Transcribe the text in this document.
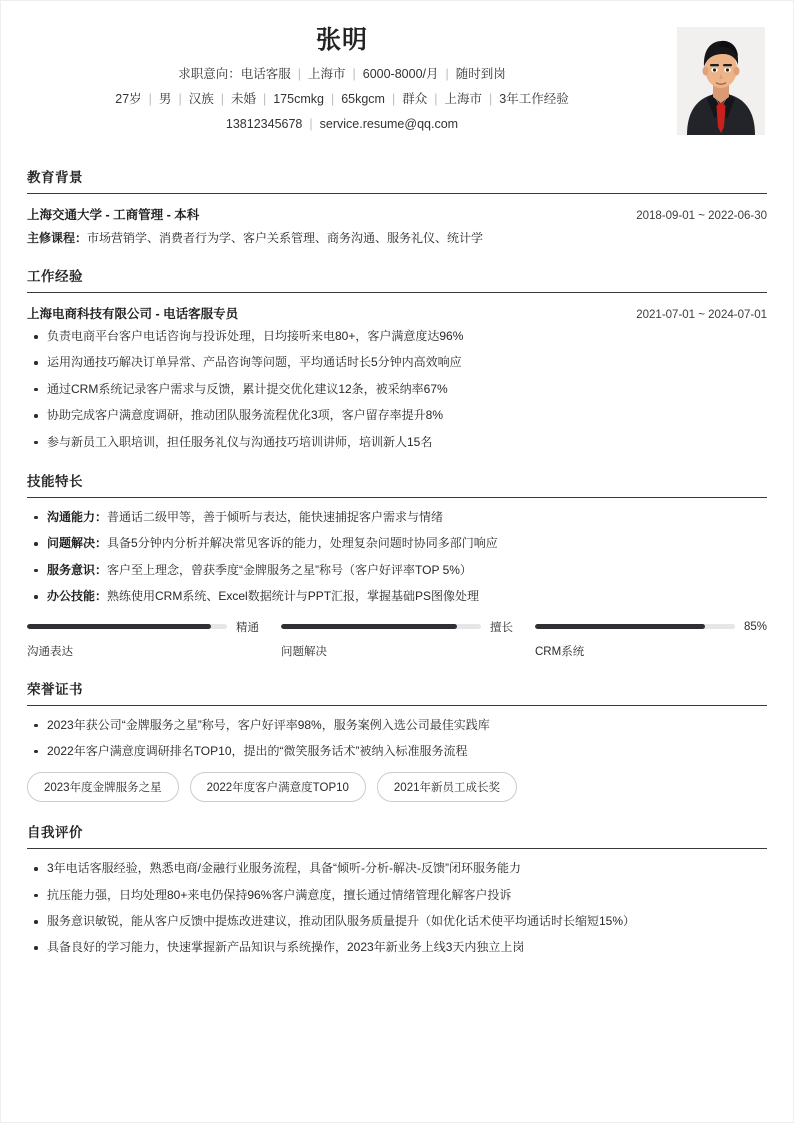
张明
求职意向：电话客服 | 上海市 | 6000-8000/月 | 随时到岗
27岁 | 男 | 汉族 | 未婚 | 175cmkg | 65kgcm | 群众 | 上海市 | 3年工作经验
13812345678 | service.resume@qq.com
教育背景
上海交通大学 - 工商管理 - 本科	2018-09-01 ~ 2022-06-30
主修课程：市场营销学、消费者行为学、客户关系管理、商务沟通、服务礼仪、统计学
工作经验
上海电商科技有限公司 - 电话客服专员	2021-07-01 ~ 2024-07-01
负责电商平台客户电话咨询与投诉处理，日均接听来电80+，客户满意度达96%
运用沟通技巧解决订单异常、产品咨询等问题，平均通话时长5分钟内高效响应
通过CRM系统记录客户需求与反馈，累计提交优化建议12条，被采纳率67%
协助完成客户满意度调研，推动团队服务流程优化3项，客户留存率提升8%
参与新员工入职培训，担任服务礼仪与沟通技巧培训讲师，培训新人15名
技能特长
沟通能力：普通话二级甲等，善于倾听与表达，能快速捕捉客户需求与情绪
问题解决：具备5分钟内分析并解决常见客诉的能力，处理复杂问题时协同多部门响应
服务意识：客户至上理念，曾获季度“金牌服务之星”称号（客户好评率TOP 5%）
办公技能：熟练使用CRM系统、Excel数据统计与PPT汇报，掌握基础PS图像处理
精通
沟通表达
擅长
问题解决
85%
CRM系统
荣誉证书
2023年获公司“金牌服务之星”称号，客户好评率98%，服务案例入选公司最佳实践库
2022年客户满意度调研排名TOP10，提出的“微笑服务话术”被纳入标准服务流程
2023年度金牌服务之星	2022年度客户满意度TOP10	2021年新员工成长奖
自我评价
3年电话客服经验，熟悉电商/金融行业服务流程，具备“倾听-分析-解决-反馈”闭环服务能力
抗压能力强，日均处理80+来电仍保持96%客户满意度，擅长通过情绪管理化解客户投诉
服务意识敏锐，能从客户反馈中提炼改进建议，推动团队服务质量提升（如优化话术使平均通话时长缩短15%）
具备良好的学习能力，快速掌握新产品知识与系统操作，2023年新业务上线3天内独立上岗
